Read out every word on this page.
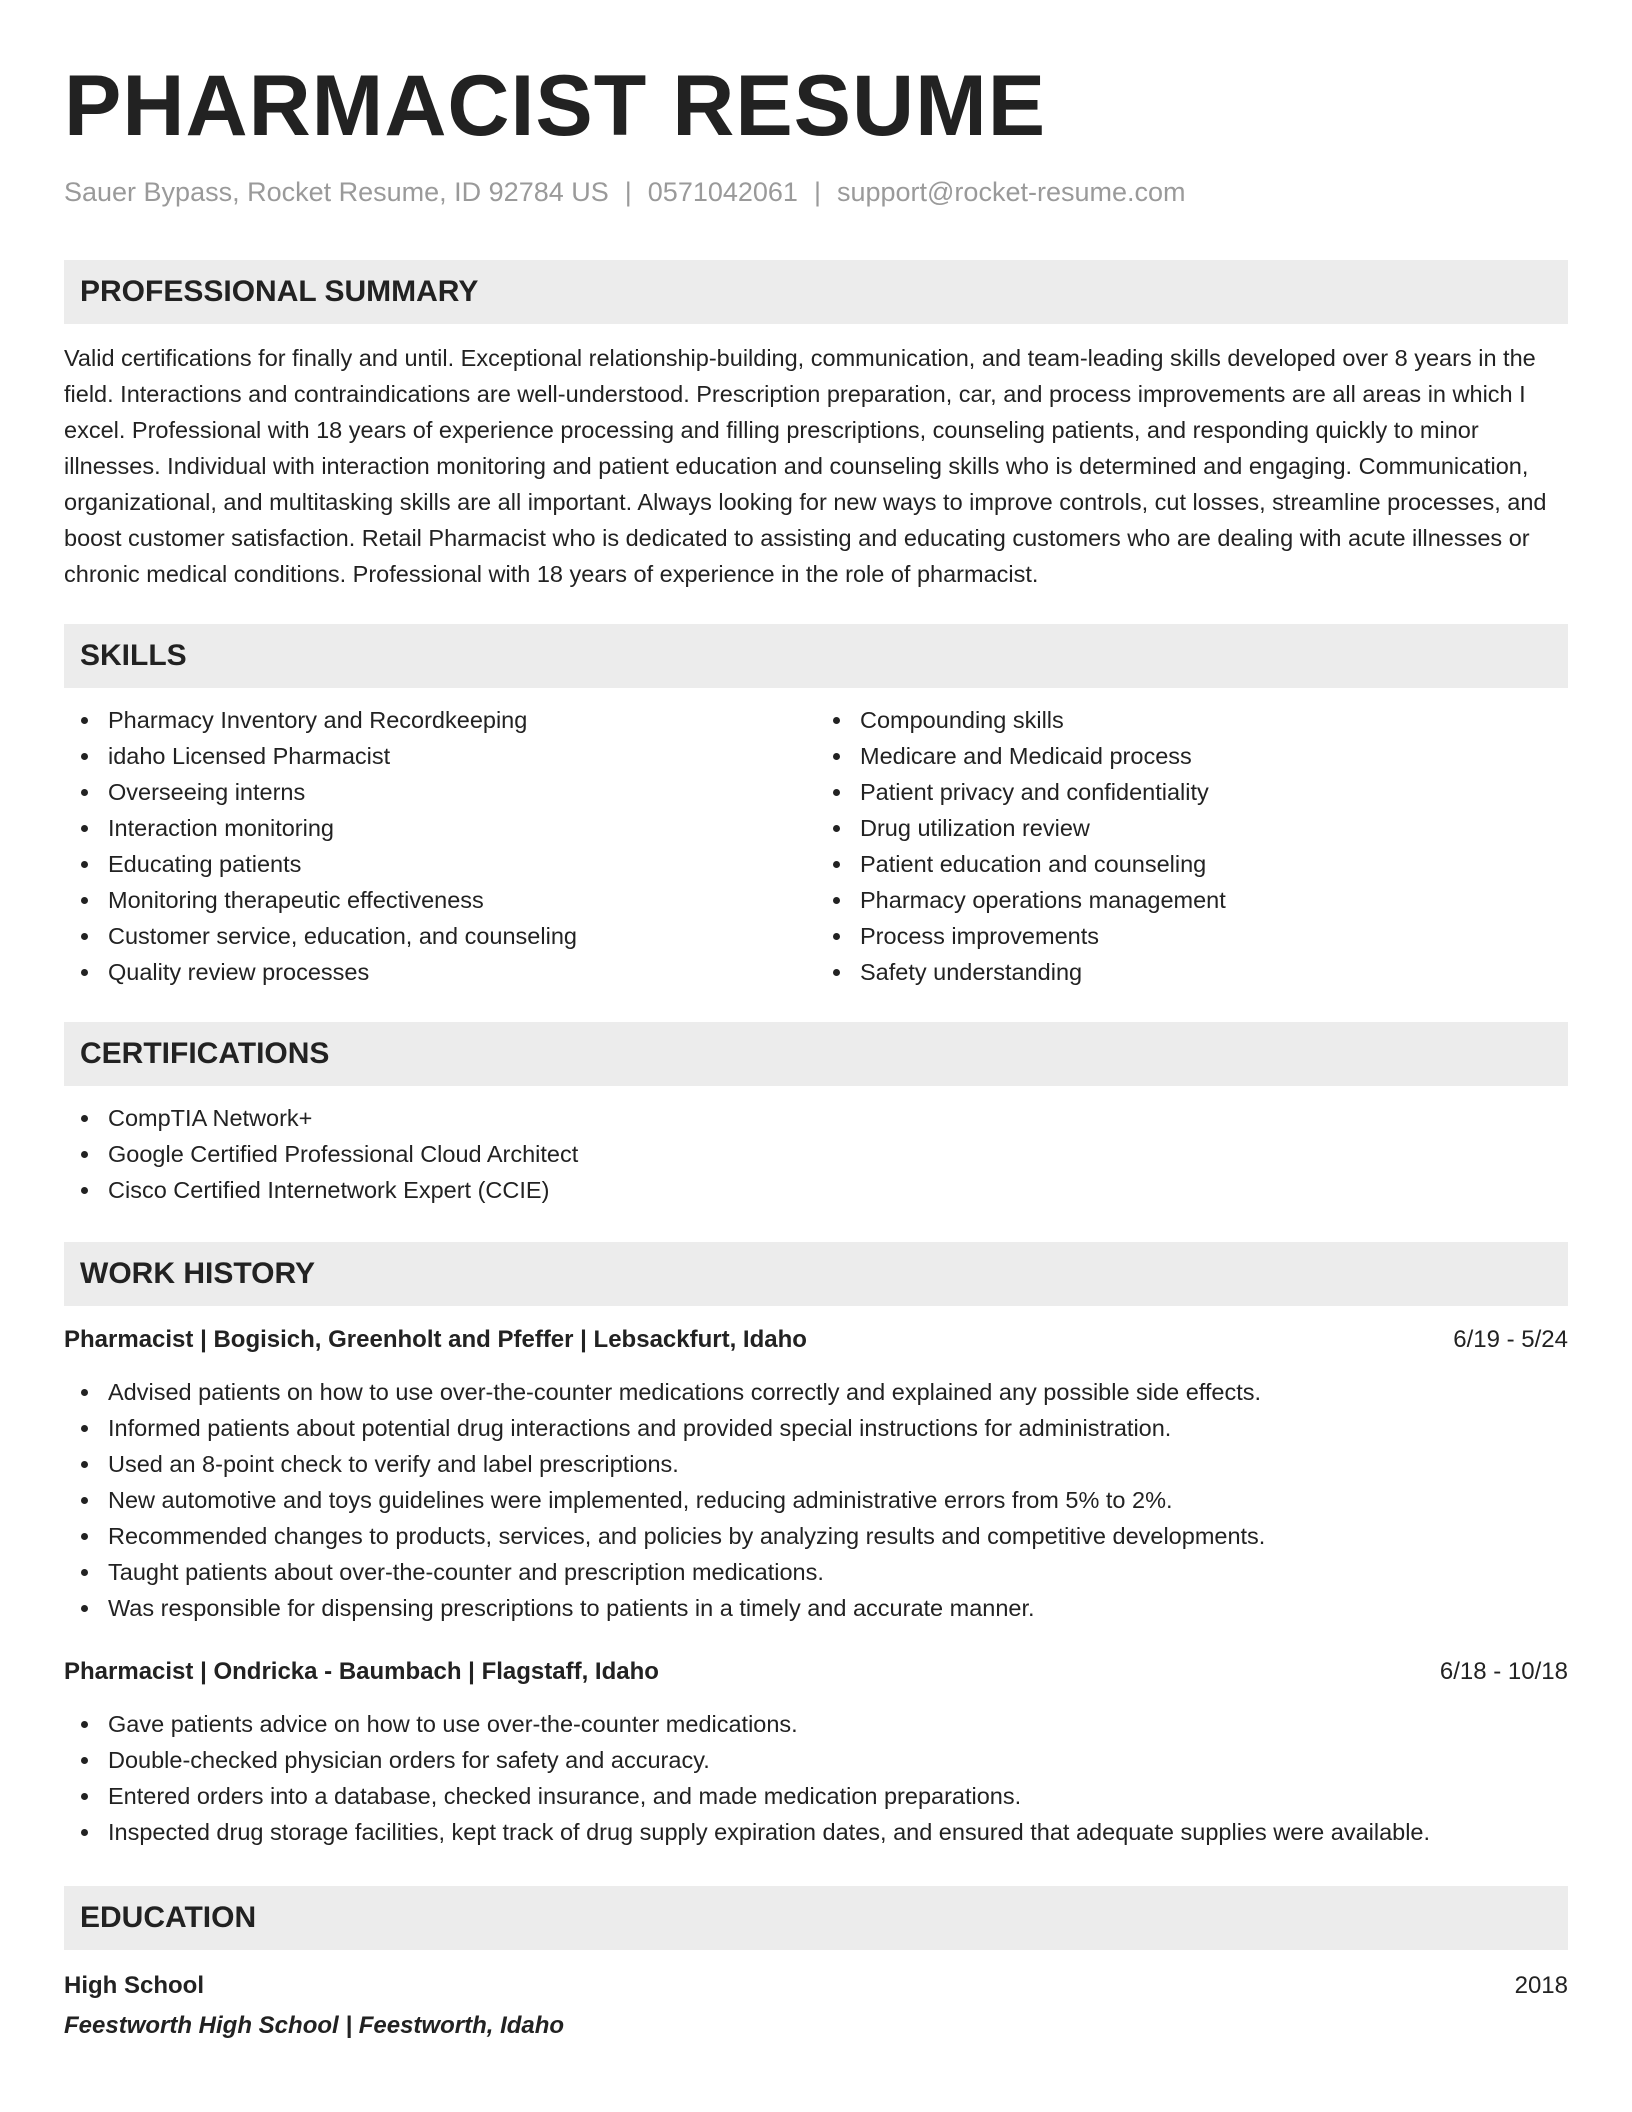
PHARMACIST RESUME
Sauer Bypass, Rocket Resume, ID 92784 US | 0571042061 | support@rocket-resume.com
PROFESSIONAL SUMMARY

Valid certifications for finally and until. Exceptional relationship-building, communication, and team-leading skills developed over 8 years in the field. Interactions and contraindications are well-understood. Prescription preparation, car, and process improvements are all areas in which I excel. Professional with 18 years of experience processing and filling prescriptions, counseling patients, and responding quickly to minor illnesses. Individual with interaction monitoring and patient education and counseling skills who is determined and engaging. Communication, organizational, and multitasking skills are all important. Always looking for new ways to improve controls, cut losses, streamline processes, and boost customer satisfaction. Retail Pharmacist who is dedicated to assisting and educating customers who are dealing with acute illnesses or chronic medical conditions. Professional with 18 years of experience in the role of pharmacist.

SKILLS
Pharmacy Inventory and Recordkeeping
idaho Licensed Pharmacist
Overseeing interns
Interaction monitoring
Educating patients
Monitoring therapeutic effectiveness
Customer service, education, and counseling
Quality review processes
Compounding skills
Medicare and Medicaid process
Patient privacy and confidentiality
Drug utilization review
Patient education and counseling
Pharmacy operations management
Process improvements
Safety understanding
CERTIFICATIONS
CompTIA Network+
Google Certified Professional Cloud Architect
Cisco Certified Internetwork Expert (CCIE)
WORK HISTORY
Pharmacist | Bogisich, Greenholt and Pfeffer | Lebsackfurt, Idaho	6/19 - 5/24
Advised patients on how to use over-the-counter medications correctly and explained any possible side effects.
Informed patients about potential drug interactions and provided special instructions for administration.
Used an 8-point check to verify and label prescriptions.
New automotive and toys guidelines were implemented, reducing administrative errors from 5% to 2%.
Recommended changes to products, services, and policies by analyzing results and competitive developments.
Taught patients about over-the-counter and prescription medications.
Was responsible for dispensing prescriptions to patients in a timely and accurate manner.
Pharmacist | Ondricka - Baumbach | Flagstaff, Idaho	6/18 - 10/18
Gave patients advice on how to use over-the-counter medications.
Double-checked physician orders for safety and accuracy.
Entered orders into a database, checked insurance, and made medication preparations.
Inspected drug storage facilities, kept track of drug supply expiration dates, and ensured that adequate supplies were available.
EDUCATION
High School	2018
Feestworth High School | Feestworth, Idaho
